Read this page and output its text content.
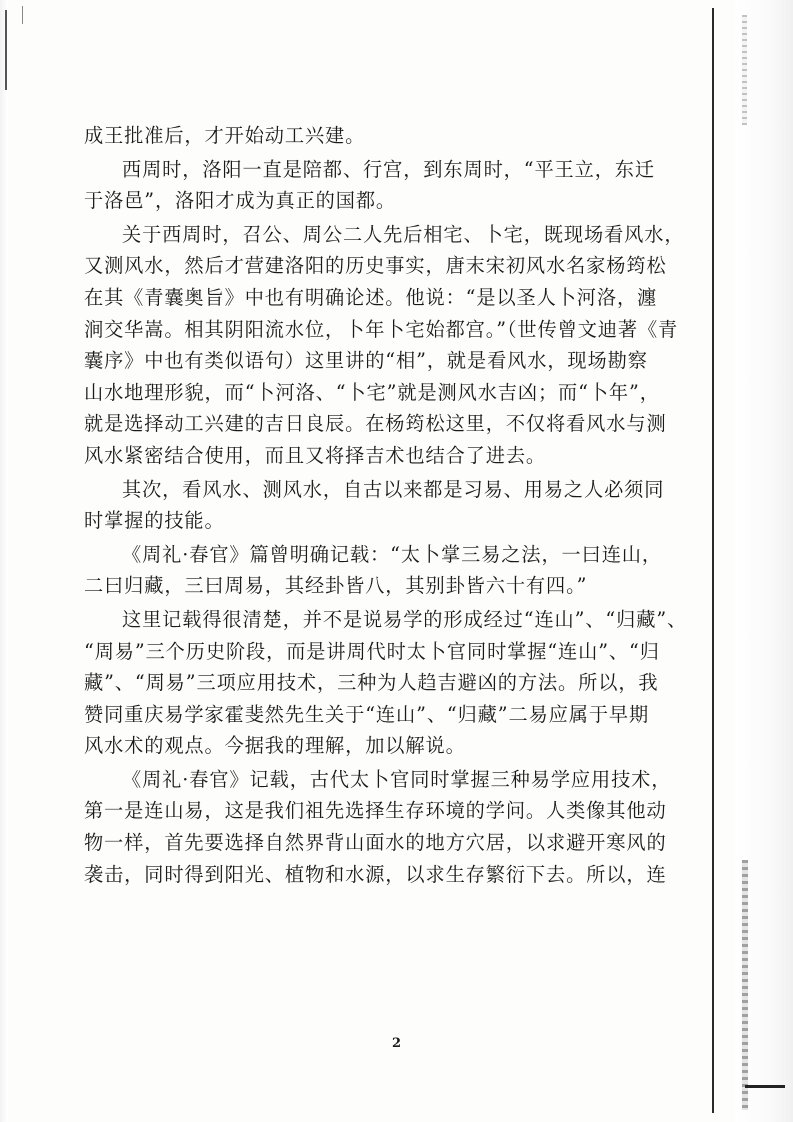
成王批准后，才开始动工兴建。
西周时，洛阳一直是陪都、行宫，到东周时，“平王立，东迁
于洛邑”，洛阳才成为真正的国都。
关于西周时，召公、周公二人先后相宅、卜宅，既现场看风水，
又测风水，然后才营建洛阳的历史事实，唐末宋初风水名家杨筠松
在其《青囊奥旨》中也有明确论述。他说：“是以圣人卜河洛，瀍
涧交华嵩。相其阴阳流水位，卜年卜宅始都宫。”（世传曾文迪著《青
囊序》中也有类似语句）这里讲的“相”，就是看风水，现场勘察
山水地理形貌，而“卜河洛、“卜宅”就是测风水吉凶；而“卜年”，
就是选择动工兴建的吉日良辰。在杨筠松这里，不仅将看风水与测
风水紧密结合使用，而且又将择吉术也结合了进去。
其次，看风水、测风水，自古以来都是习易、用易之人必须同
时掌握的技能。
《周礼·春官》篇曾明确记载：“太卜掌三易之法，一曰连山，
二曰归藏，三曰周易，其经卦皆八，其别卦皆六十有四。”
这里记载得很清楚，并不是说易学的形成经过“连山”、“归藏”、
“周易”三个历史阶段，而是讲周代时太卜官同时掌握“连山”、“归
藏”、“周易”三项应用技术，三种为人趋吉避凶的方法。所以，我
赞同重庆易学家霍斐然先生关于“连山”、“归藏”二易应属于早期
风水术的观点。今据我的理解，加以解说。
《周礼·春官》记载，古代太卜官同时掌握三种易学应用技术，
第一是连山易，这是我们祖先选择生存环境的学问。人类像其他动
物一样，首先要选择自然界背山面水的地方穴居，以求避开寒风的
袭击，同时得到阳光、植物和水源，以求生存繁衍下去。所以，连
2
